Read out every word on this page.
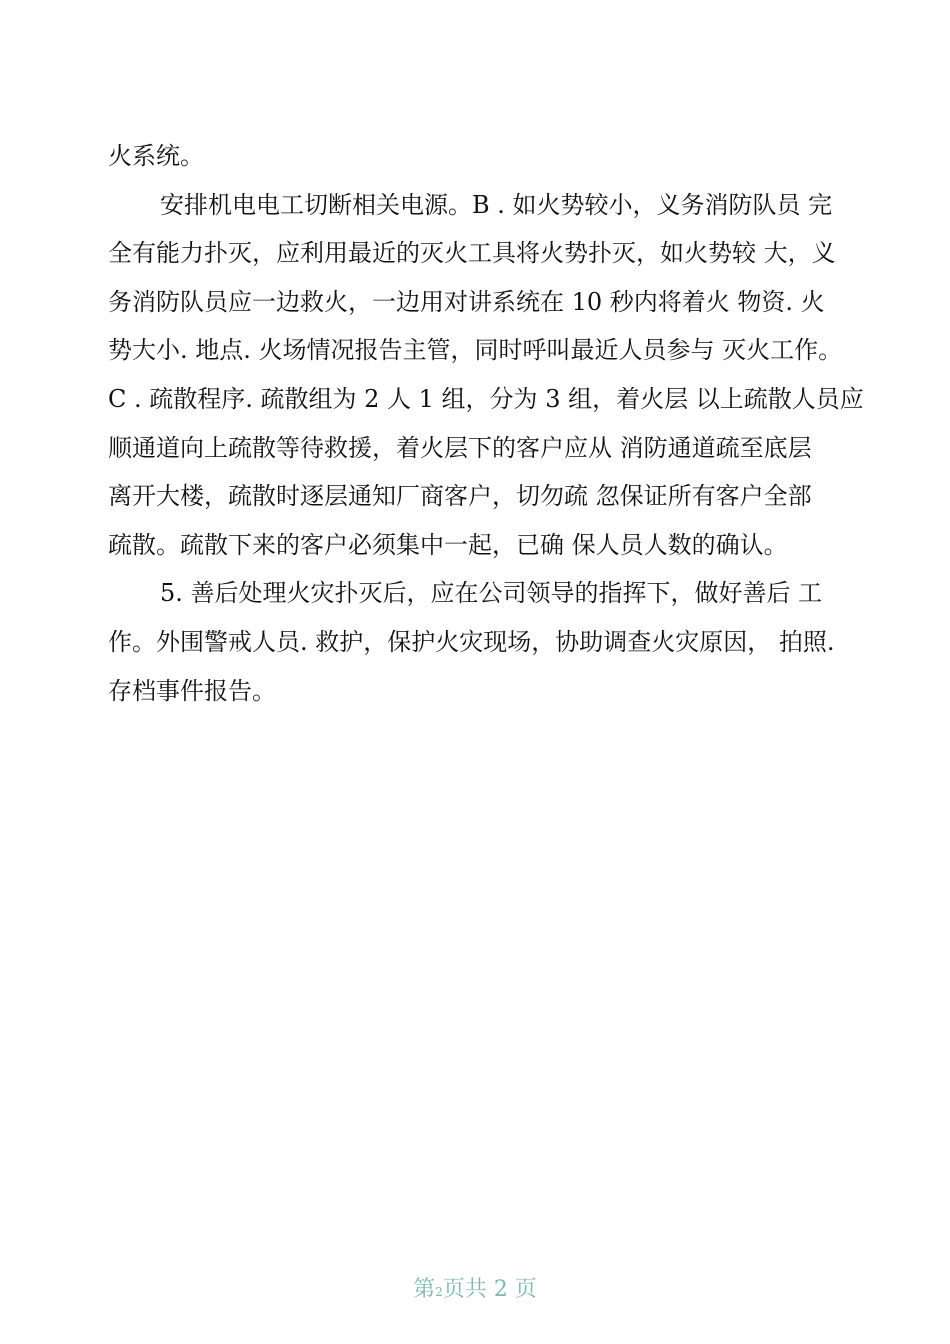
火系统。
安排机电电工切断相关电源。B . 如火势较小，义务消防队员 完
全有能力扑灭，应利用最近的灭火工具将火势扑灭，如火势较 大，义
务消防队员应一边救火，一边用对讲系统在 10 秒内将着火 物资. 火
势大小. 地点. 火场情况报告主管，同时呼叫最近人员参与 灭火工作。
C . 疏散程序. 疏散组为 2 人 1 组，分为 3 组，着火层 以上疏散人员应
顺通道向上疏散等待救援，着火层下的客户应从 消防通道疏至底层
离开大楼，疏散时逐层通知厂商客户，切勿疏 忽保证所有客户全部
疏散。疏散下来的客户必须集中一起，已确 保人员人数的确认。
5. 善后处理火灾扑灭后，应在公司领导的指挥下，做好善后 工
作。外围警戒人员. 救护，保护火灾现场，协助调查火灾原因， 拍照.
存档事件报告。
第2页共 2 页
